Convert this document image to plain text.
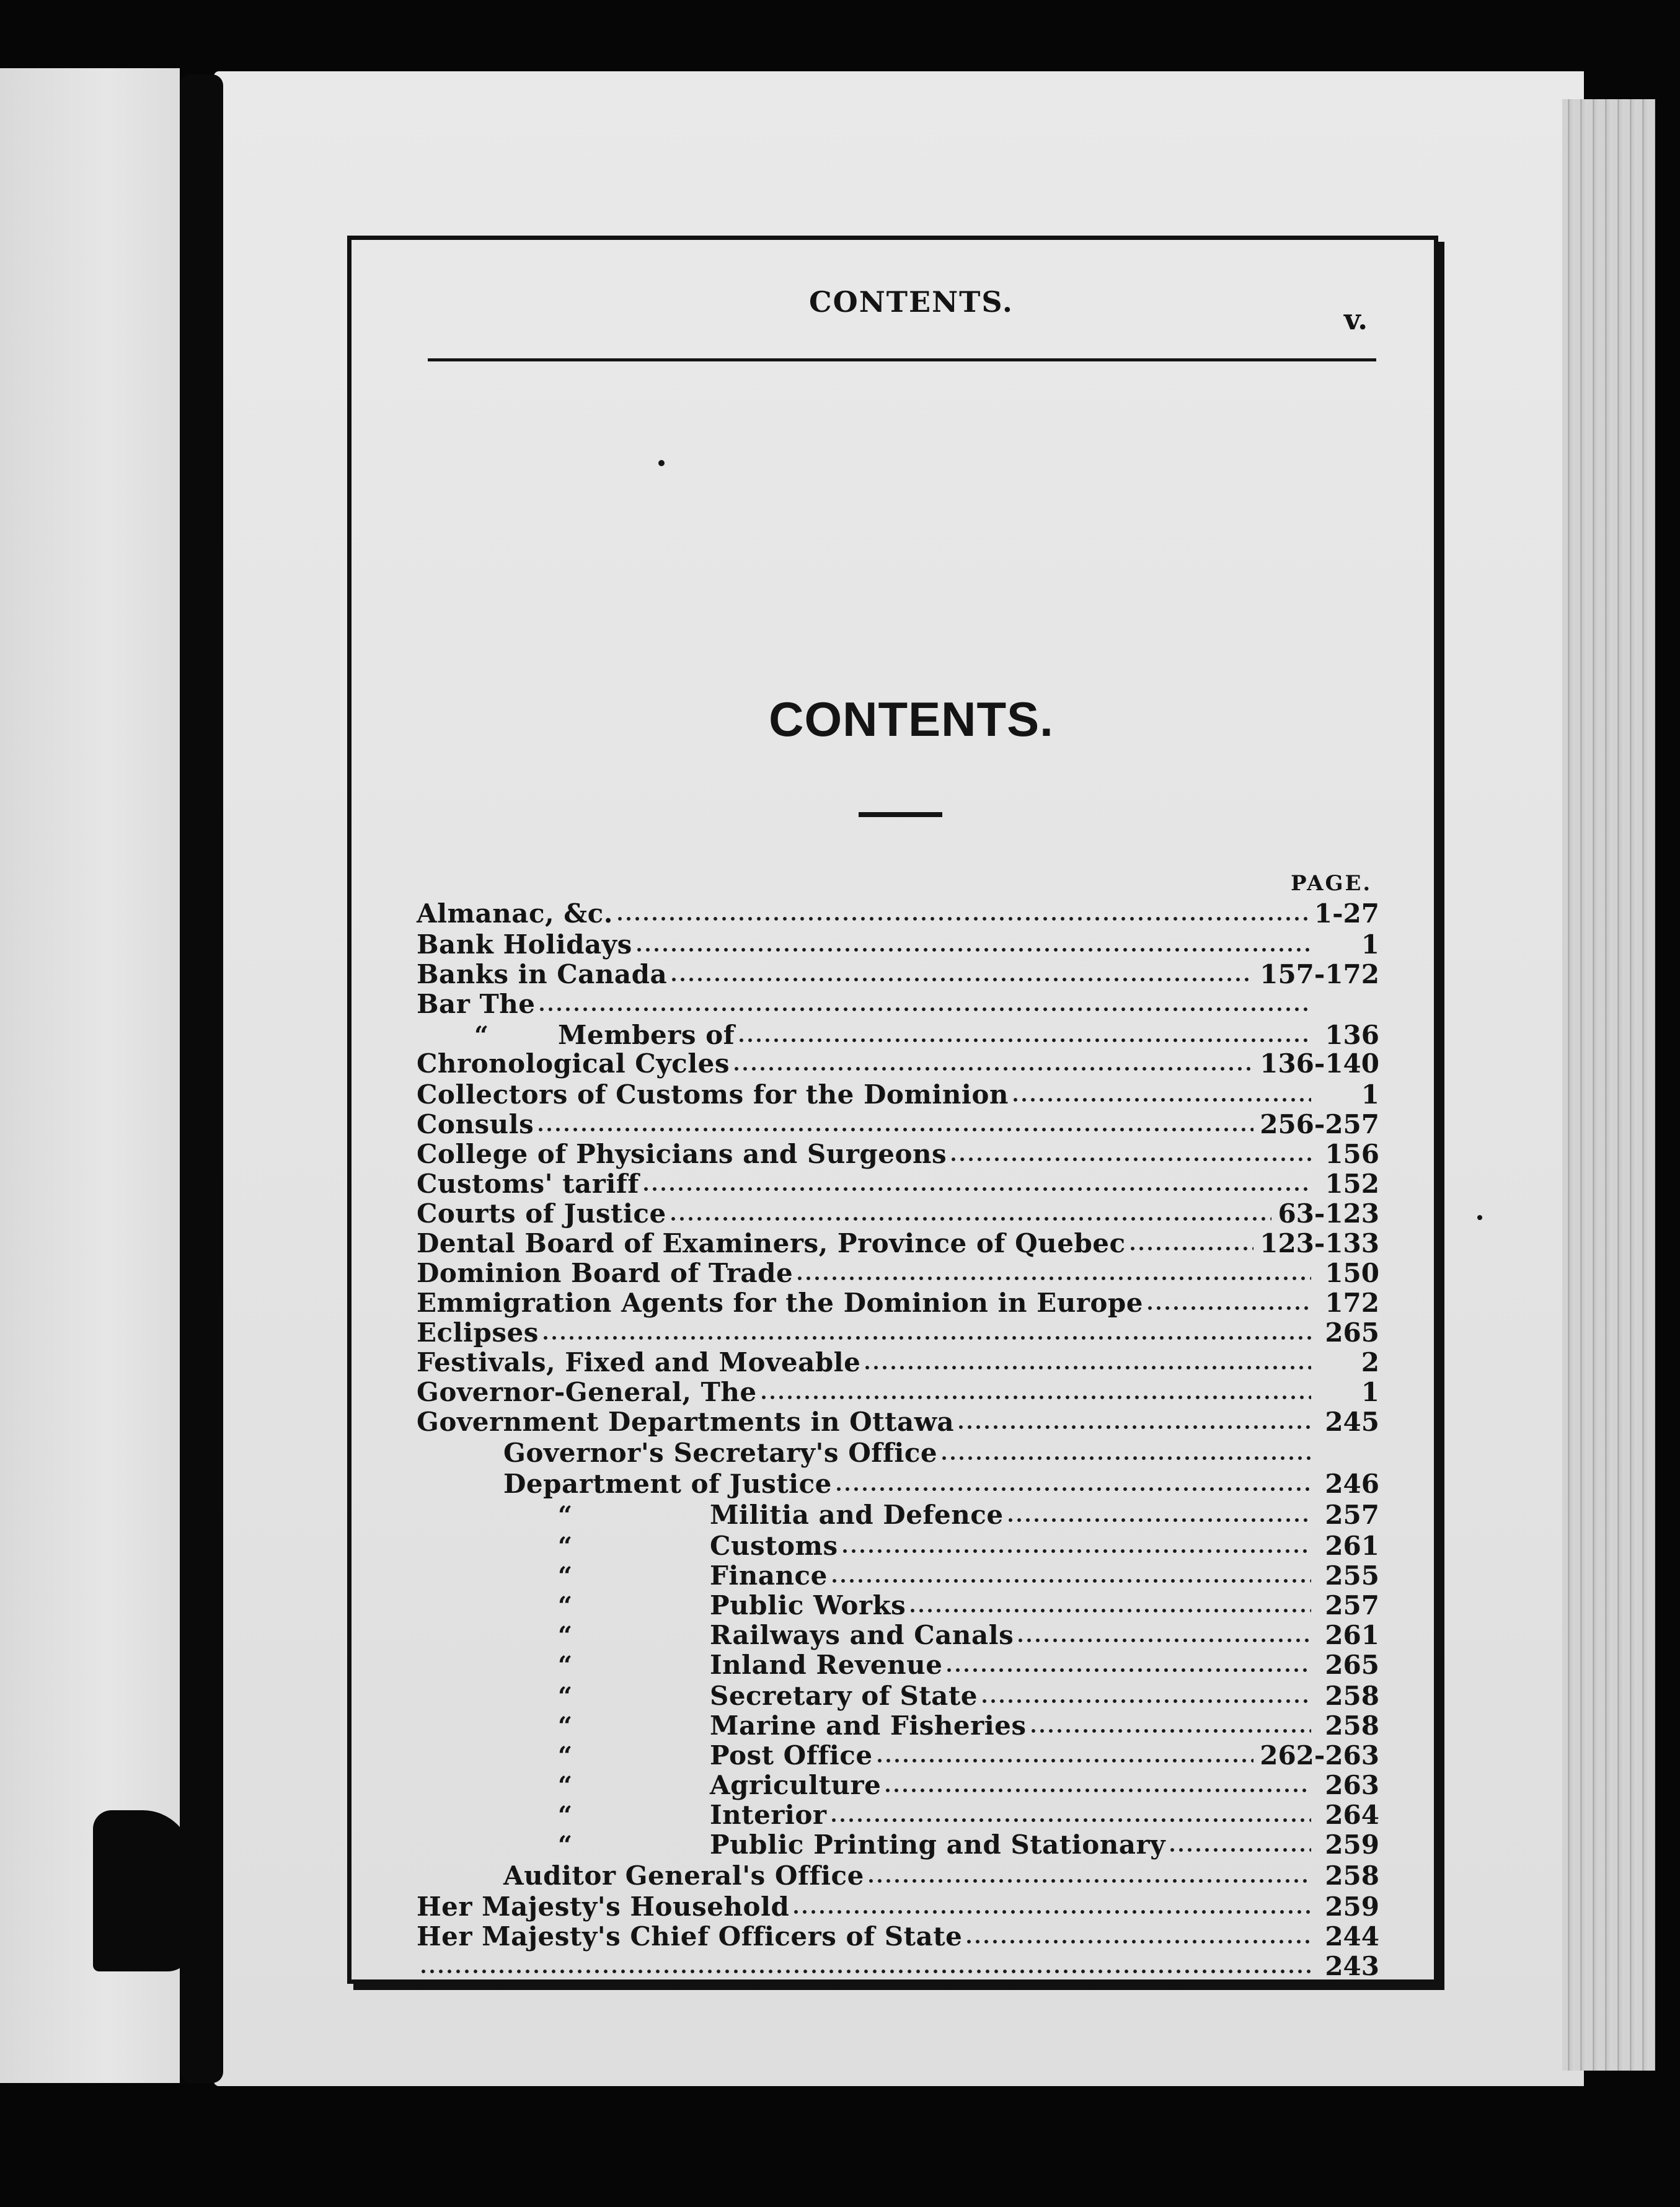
CONTENTS.
v.
CONTENTS.
PAGE.
Almanac, &c.	1-27
Bank Holidays	1
Banks in Canada	157-172
Bar The
“	Members of	136
Chronological Cycles	136-140
Collectors of Customs for the Dominion	1
Consuls	256-257
College of Physicians and Surgeons	156
Customs' tariff	152
Courts of Justice	63-123
Dental Board of Examiners, Province of Quebec	123-133
Dominion Board of Trade	150
Emmigration Agents for the Dominion in Europe	172
Eclipses	265
Festivals, Fixed and Moveable	2
Governor-General, The	1
Government Departments in Ottawa	245
Governor's Secretary's Office
Department of Justice	246
“	Militia and Defence	257
“	Customs	261
“	Finance	255
“	Public Works	257
“	Railways and Canals	261
“	Inland Revenue	265
“	Secretary of State	258
“	Marine and Fisheries	258
“	Post Office	262-263
“	Agriculture	263
“	Interior	264
“	Public Printing and Stationary	259
Auditor General's Office	258
Her Majesty's Household	259
Her Majesty's Chief Officers of State	244
243
